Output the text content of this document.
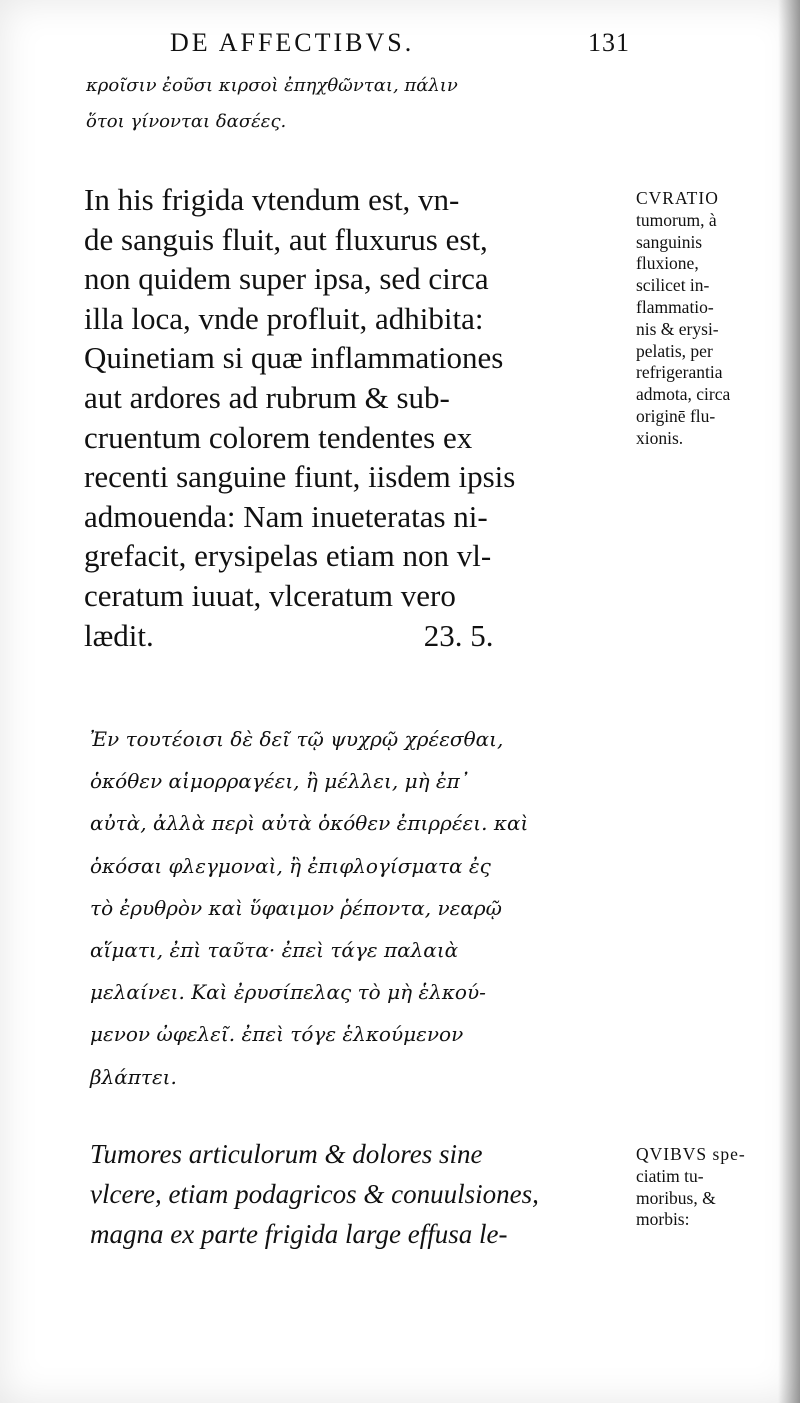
DE AFFECTIBVS.	131
κροῖσιν ἐοῦσι κιρσοὶ ἐπηχθῶνται, πάλιν
ὅτοι γίνονται δασέες.
In his frigida vtendum est, vn-
de sanguis fluit, aut fluxurus est,
non quidem super ipsa, sed circa
illa loca, vnde profluit, adhibita:
Quinetiam si quæ inflammationes
aut ardores ad rubrum & sub-
cruentum colorem tendentes ex
recenti sanguine fiunt, iisdem ipsis
admouenda: Nam inueteratas ni-
grefacit, erysipelas etiam non vl-
ceratum iuuat, vlceratum vero
lædit.	23. 5.
CVRATIO
tumorum, à
sanguinis
fluxione,
scilicet in-
flammatio-
nis & erysi-
pelatis, per
refrigerantia
admota, circa
originē flu-
xionis.
Ἐν τουτέοισι δὲ δεῖ τῷ ψυχρῷ χρέεσθαι,
ὁκόθεν αἱμορραγέει, ἢ μέλλει, μὴ ἐπ᾽
αὐτὰ, ἀλλὰ περὶ αὐτὰ ὁκόθεν ἐπιρρέει. καὶ
ὁκόσαι φλεγμοναὶ, ἢ ἐπιφλογίσματα ἐς
τὸ ἐρυθρὸν καὶ ὕφαιμον ῥέποντα, νεαρῷ
αἵματι, ἐπὶ ταῦτα· ἐπεὶ τάγε παλαιὰ
μελαίνει. Καὶ ἐρυσίπελας τὸ μὴ ἑλκού-
μενον ὠφελεῖ. ἐπεὶ τόγε ἑλκούμενον
βλάπτει.
Tumores articulorum & dolores sine
vlcere, etiam podagricos & conuulsiones,
magna ex parte frigida large effusa le-
QVIBVS spe-
ciatim tu-
moribus, &
morbis:
